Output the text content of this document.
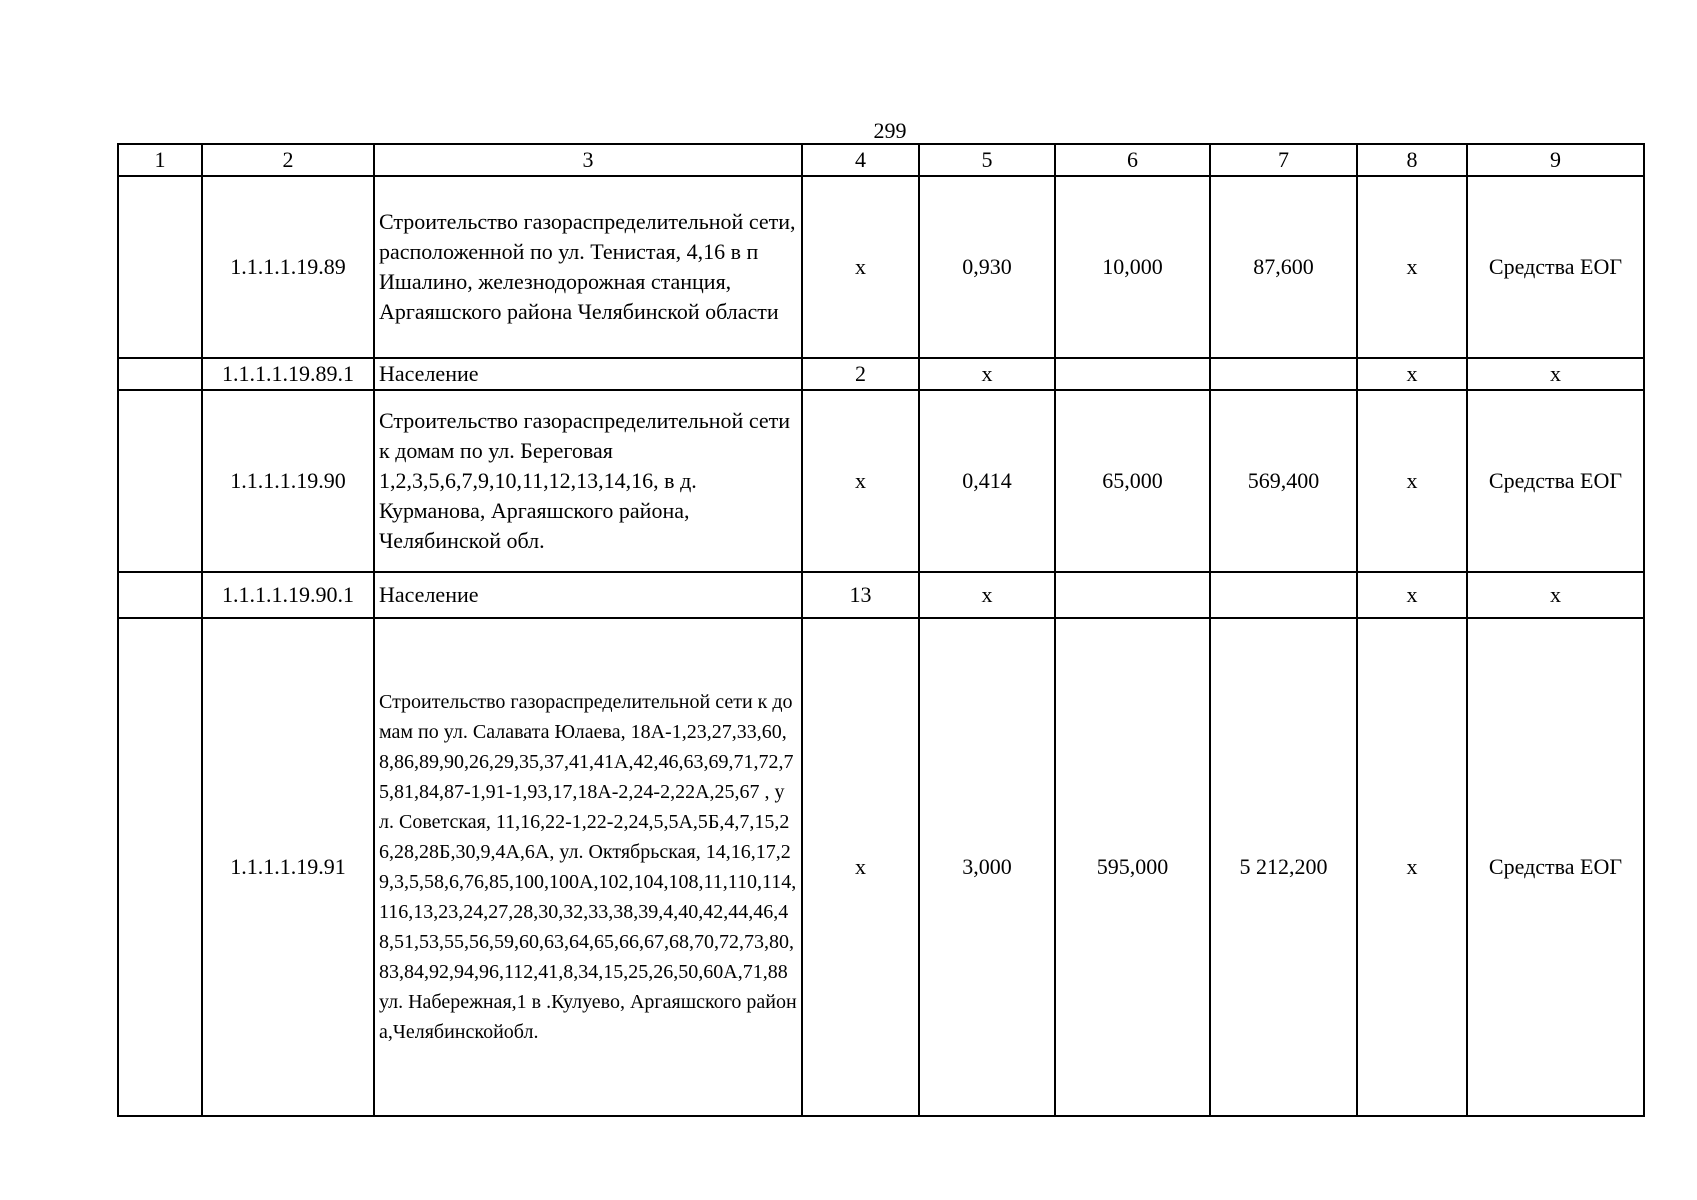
299
1	2	3	4	5	6	7	8	9
	1.1.1.1.19.89	Строительство газораспределительной сети, расположенной по ул. Тенистая, 4,16 в п Ишалино, железнодорожная станция, Аргаяшского района Челябинской области	х	0,930	10,000	87,600	х	Средства ЕОГ
	1.1.1.1.19.89.1	Население	2	х			х	х
	1.1.1.1.19.90	Строительство газораспределительной сети к домам по ул. Береговая 1,2,3,5,6,7,9,10,11,12,13,14,16, в д. Курманова, Аргаяшского района, Челябинской обл.	х	0,414	65,000	569,400	х	Средства ЕОГ
	1.1.1.1.19.90.1	Население	13	х			х	х
	1.1.1.1.19.91	Строительство газораспределительной сети к домам по ул. Салавата Юлаева, 18А-1,23,27,33,60,8,86,89,90,26,29,35,37,41,41А,42,46,63,69,71,72,75,81,84,87-1,91-1,93,17,18А-2,24-2,22А,25,67 , ул. Советская, 11,16,22-1,22-2,24,5,5А,5Б,4,7,15,26,28,28Б,30,9,4А,6А, ул. Октябрьская, 14,16,17,29,3,5,58,6,76,85,100,100А,102,104,108,11,110,114,116,13,23,24,27,28,30,32,33,38,39,4,40,42,44,46,48,51,53,55,56,59,60,63,64,65,66,67,68,70,72,73,80,83,84,92,94,96,112,41,8,34,15,25,26,50,60А,71,88 ул. Набережная,1 в .Кулуево, Аргаяшского района,Челябинскойобл.	х	3,000	595,000	5 212,200	х	Средства ЕОГ
